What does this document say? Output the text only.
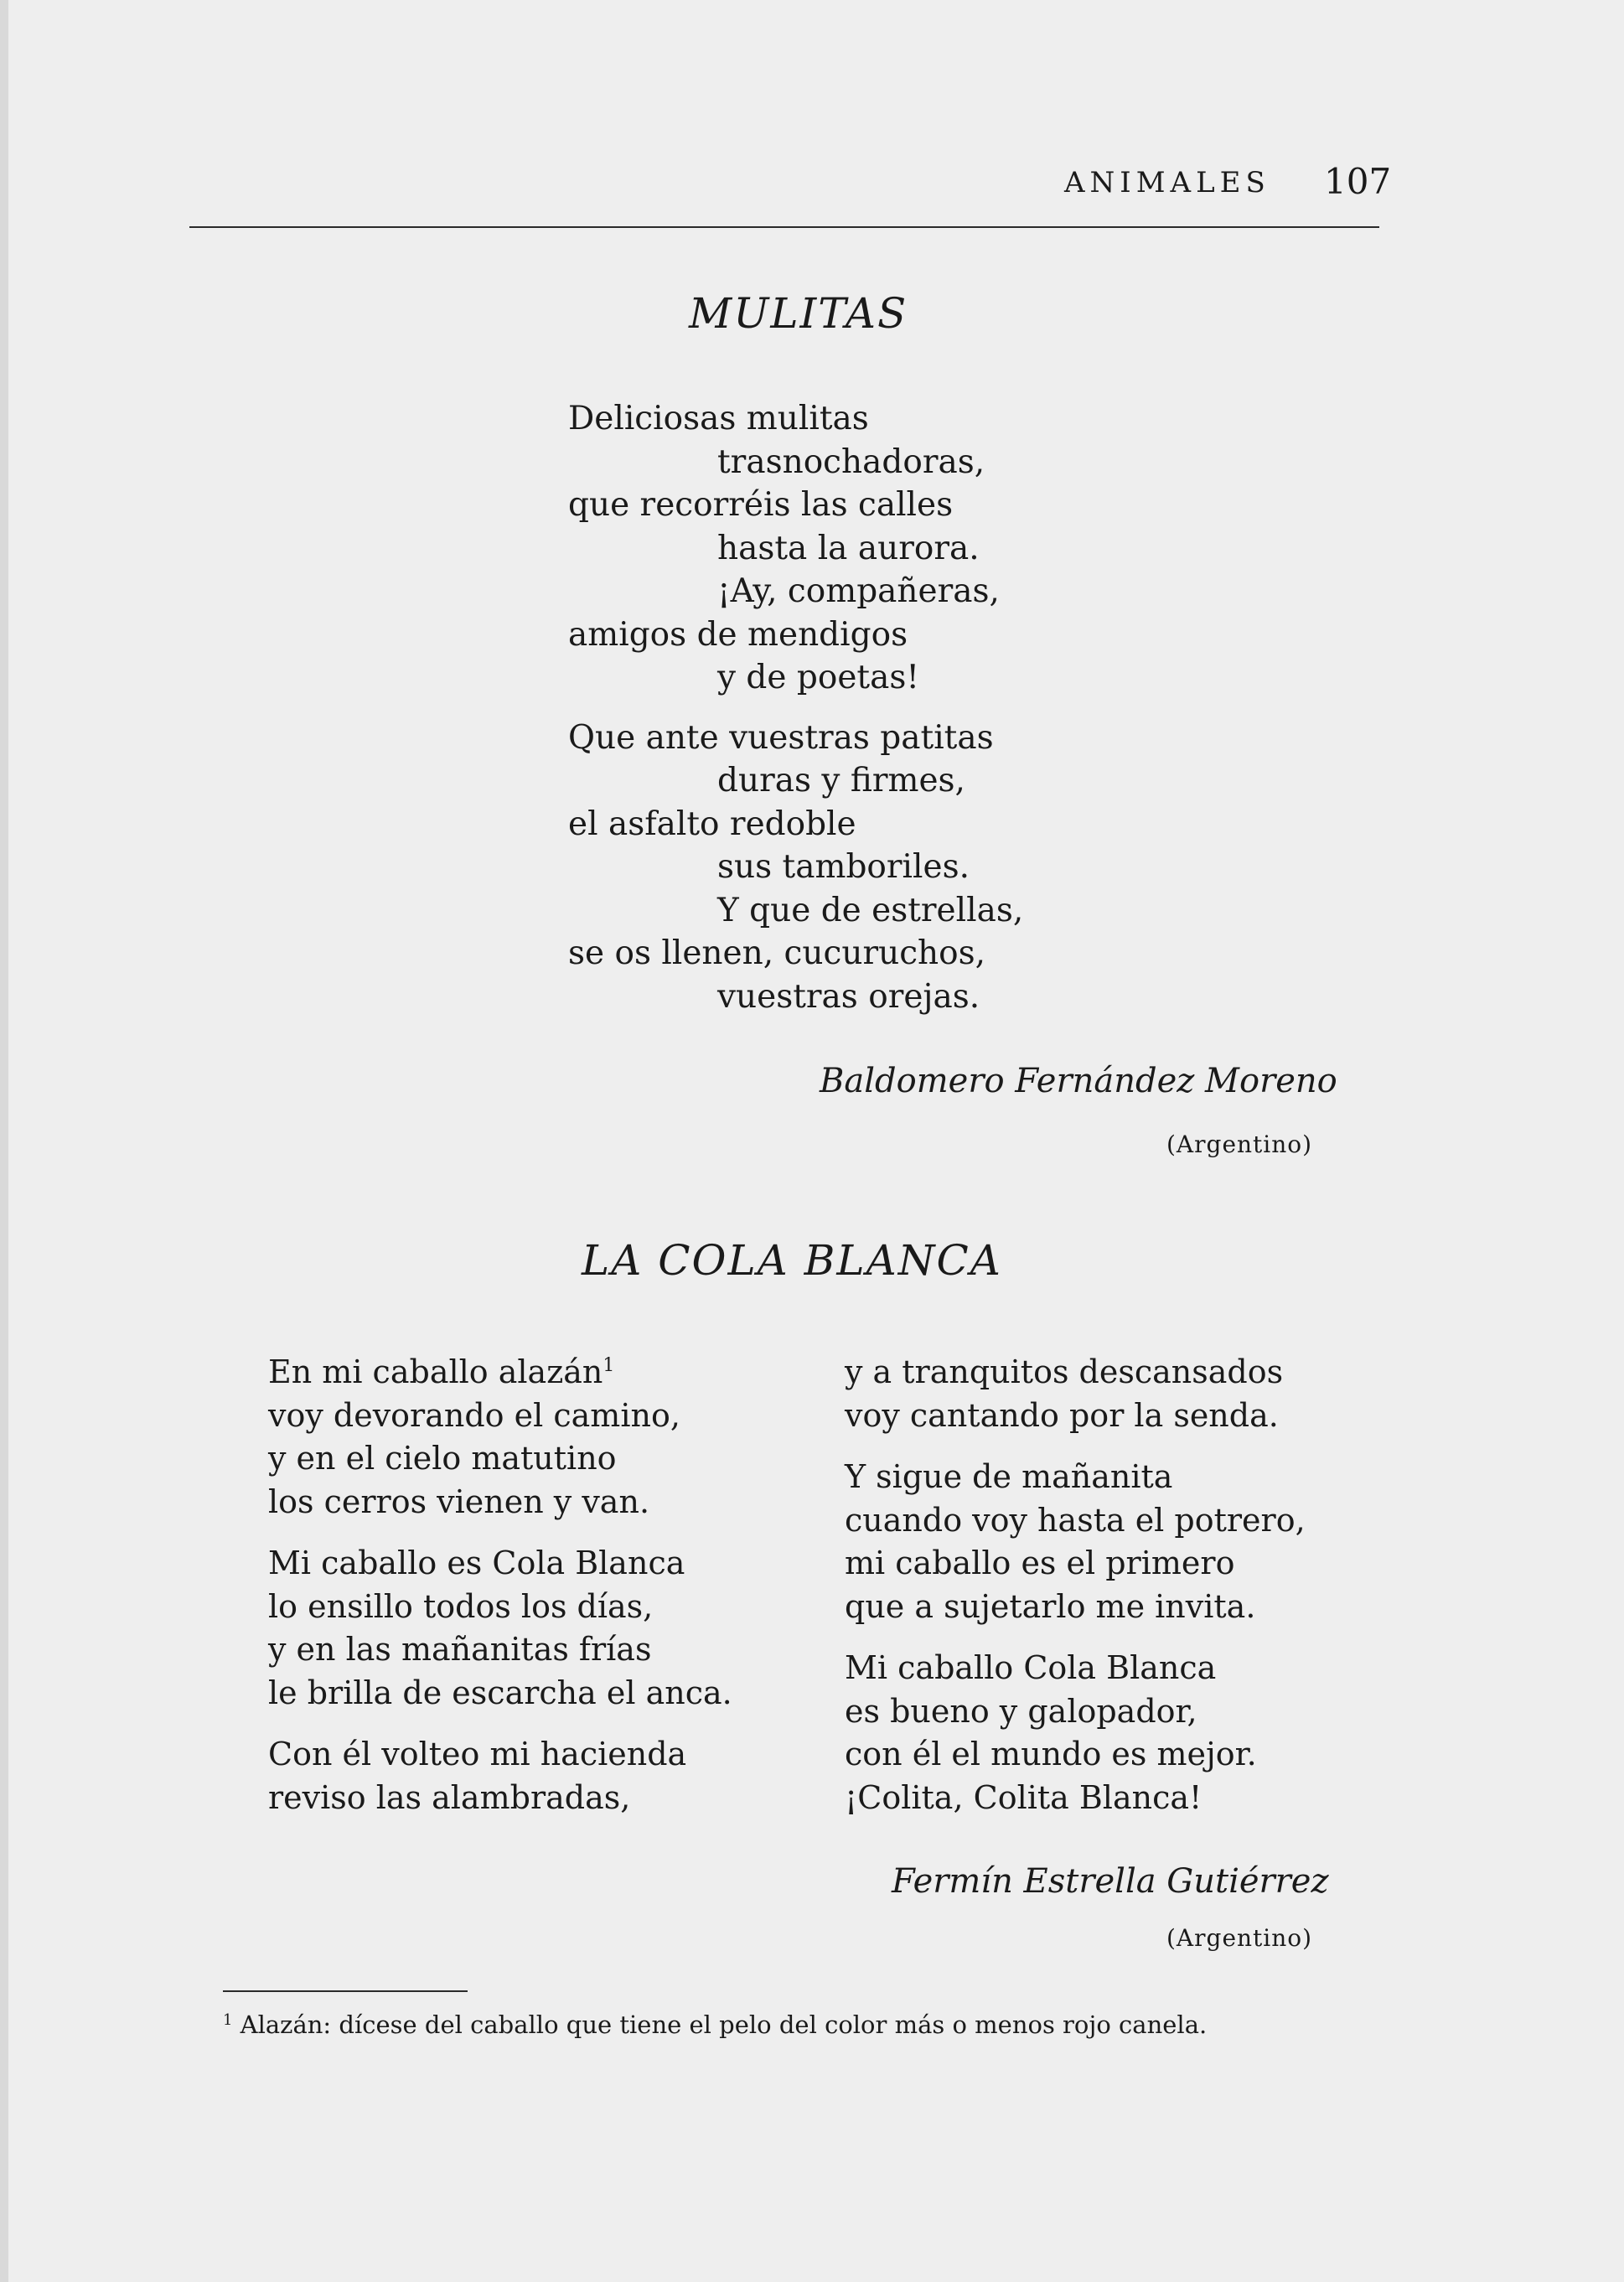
ANIMALES 107
MULITAS
Deliciosas mulitas
trasnochadoras,
que recorréis las calles
hasta la aurora.
¡Ay, compañeras,
amigos de mendigos
y de poetas!
Que ante vuestras patitas
duras y firmes,
el asfalto redoble
sus tamboriles.
Y que de estrellas,
se os llenen, cucuruchos,
vuestras orejas.
Baldomero Fernández Moreno
(Argentino)
LA COLA BLANCA
En mi caballo alazán$^1$
voy devorando el camino,
y en el cielo matutino
los cerros vienen y van.
Mi caballo es Cola Blanca
lo ensillo todos los días,
y en las mañanitas frías
le brilla de escarcha el anca.
Con él volteo mi hacienda
reviso las alambradas,
y a tranquitos descansados
voy cantando por la senda.
Y sigue de mañanita
cuando voy hasta el potrero,
mi caballo es el primero
que a sujetarlo me invita.
Mi caballo Cola Blanca
es bueno y galopador,
con él el mundo es mejor.
¡Colita, Colita Blanca!
Fermín Estrella Gutiérrez
(Argentino)
$^1$ Alazán: dícese del caballo que tiene el pelo del color más o menos rojo canela.
